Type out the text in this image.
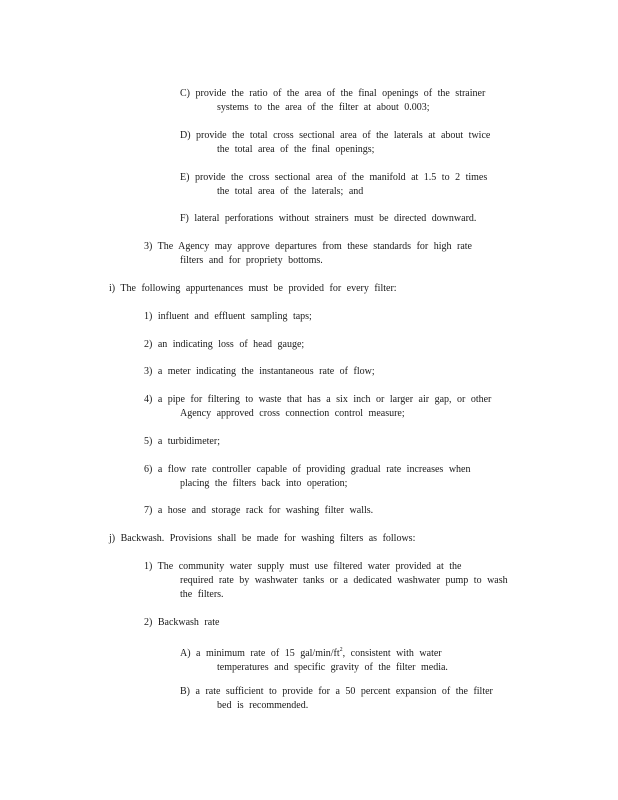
C) provide the ratio of the area of the final openings of the strainer
systems to the area of the filter at about 0.003;
D) provide the total cross sectional area of the laterals at about twice
the total area of the final openings;
E) provide the cross sectional area of the manifold at 1.5 to 2 times
the total area of the laterals; and
F) lateral perforations without strainers must be directed downward.
3) The Agency may approve departures from these standards for high rate
filters and for propriety bottoms.
i) The following appurtenances must be provided for every filter:
1) influent and effluent sampling taps;
2) an indicating loss of head gauge;
3) a meter indicating the instantaneous rate of flow;
4) a pipe for filtering to waste that has a six inch or larger air gap, or other
Agency approved cross connection control measure;
5) a turbidimeter;
6) a flow rate controller capable of providing gradual rate increases when
placing the filters back into operation;
7) a hose and storage rack for washing filter walls.
j) Backwash. Provisions shall be made for washing filters as follows:
1) The community water supply must use filtered water provided at the
required rate by washwater tanks or a dedicated washwater pump to wash
the filters.
2) Backwash rate
A) a minimum rate of 15 gal/$\min/ft^2$, consistent with water
temperatures and specific gravity of the filter media.
B) a rate sufficient to provide for a 50 percent expansion of the filter
bed is recommended.
